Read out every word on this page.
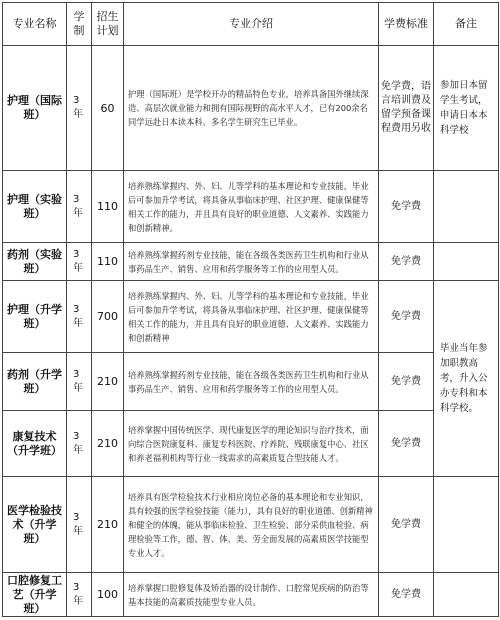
专业名称	学制	招生计划	专业介绍	学费标准	备注
护理（国际班）	3年	60	护理（国际班）是学校开办的精品特色专业，培养具备国外继续深造、高层次就业能力和拥有国际视野的高水平人才，已有200余名同学远赴日本读本科、多名学生研究生已毕业。	免学费，语言培训费及留学预备课程费用另收	参加日本留学生考试，申请日本本科学校
护理（实验班）	3年	110	培养熟练掌握内、外、妇、儿等学科的基本理论和专业技能，毕业后可参加升学考试，将具备从事临床护理、社区护理、健康保健等相关工作的能力，并且具有良好的职业道德、人文素养、实践能力和创新精神。	免学费	
药剂（实验班）	3年	110	培养熟练掌握药剂专业技能，能在各级各类医药卫生机构和行业从事药品生产、销售、应用和药学服务等工作的应用型人员。	免学费	
护理（升学班）	3年	700	培养熟练掌握内、外、妇、儿等学科的基本理论和专业技能，毕业后可参加升学考试，将具备从事临床护理、社区护理、健康保健等相关工作的能力，并且具有良好的职业道德、人文素养、实践能力和创新精神	免学费	毕业当年参加职教高考，升入公办专科和本科学校。
药剂（升学班）	3年	210	培养熟练掌握药剂专业技能，能在各级各类医药卫生机构和行业从事药品生产、销售、应用和药学服务等工作的应用型人员。	免学费	
康复技术（升学班）	3年	210	培养掌握中国传统医学、现代康复医学的理论知识与治疗技术，面向综合医院康复科、康复专科医院、疗养院、残联康复中心、社区和养老福利机构等行业一线需求的高素质复合型技能人才。	免学费	
医学检验技术（升学班）	3年	210	培养具有医学检验技术行业相应岗位必备的基本理论和专业知识，具有较强的医学检验技能（能力），具有良好的职业道德、创新精神和健全的体魄，能从事临床检验、卫生检验、部分采供血检验、病理检验等工作，德、智、体、美、劳全面发展的高素质医学技能型专业人才。	免学费	
口腔修复工艺（升学班）	3年	100	培养掌握口腔修复体及矫治器的设计制作、口腔常见疾病的防治等基本技能的高素质技能型专业人员。	免学费	
